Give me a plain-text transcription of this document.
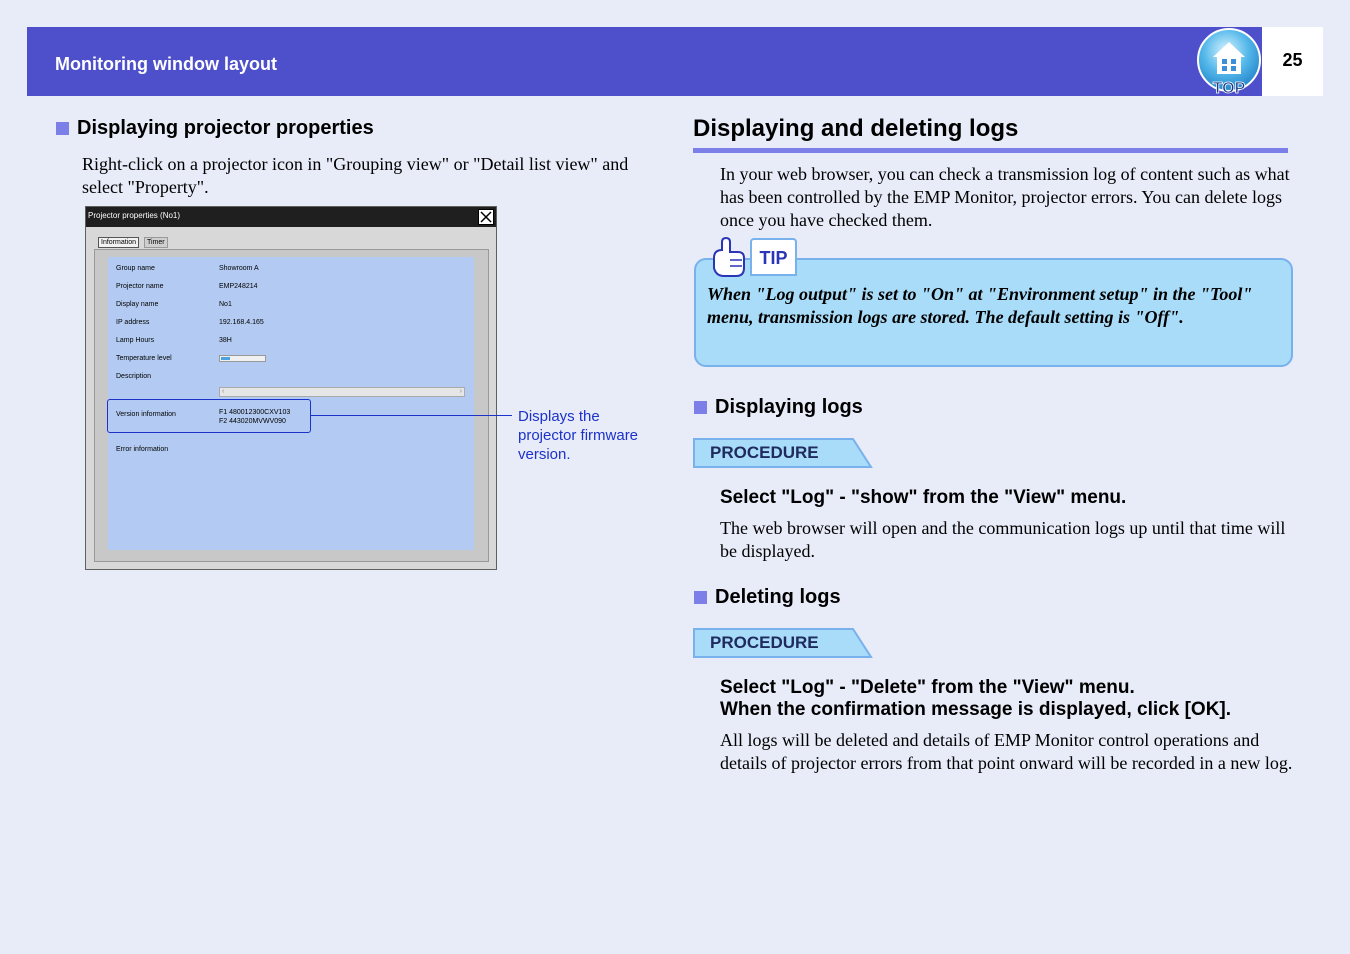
Monitoring window layout	25
TOP
Displaying projector properties
Right-click on a projector icon in "Grouping view" or "Detail list view" and select "Property".
Projector properties (No1)
Information	Timer
Group name	Showroom A
Projector name	EMP248214
Display name	No1
IP address	192.168.4.165
Lamp Hours	38H
Temperature level
Description
‹	›
Version information	F1 480012300CXV103
F2 443020MVWV090
Error information
Displays the projector firmware version.
Displaying and deleting logs
In your web browser, you can check a transmission log of content such as what has been controlled by the EMP Monitor, projector errors. You can delete logs once you have checked them.
TIP
When "Log output" is set to "On" at "Environment setup" in the "Tool" menu, transmission logs are stored. The default setting is "Off".
Displaying logs
PROCEDURE
Select "Log" - "show" from the "View" menu.
The web browser will open and the communication logs up until that time will be displayed.
Deleting logs
PROCEDURE
Select "Log" - "Delete" from the "View" menu.
When the confirmation message is displayed, click [OK].
All logs will be deleted and details of EMP Monitor control operations and details of projector errors from that point onward will be recorded in a new log.
